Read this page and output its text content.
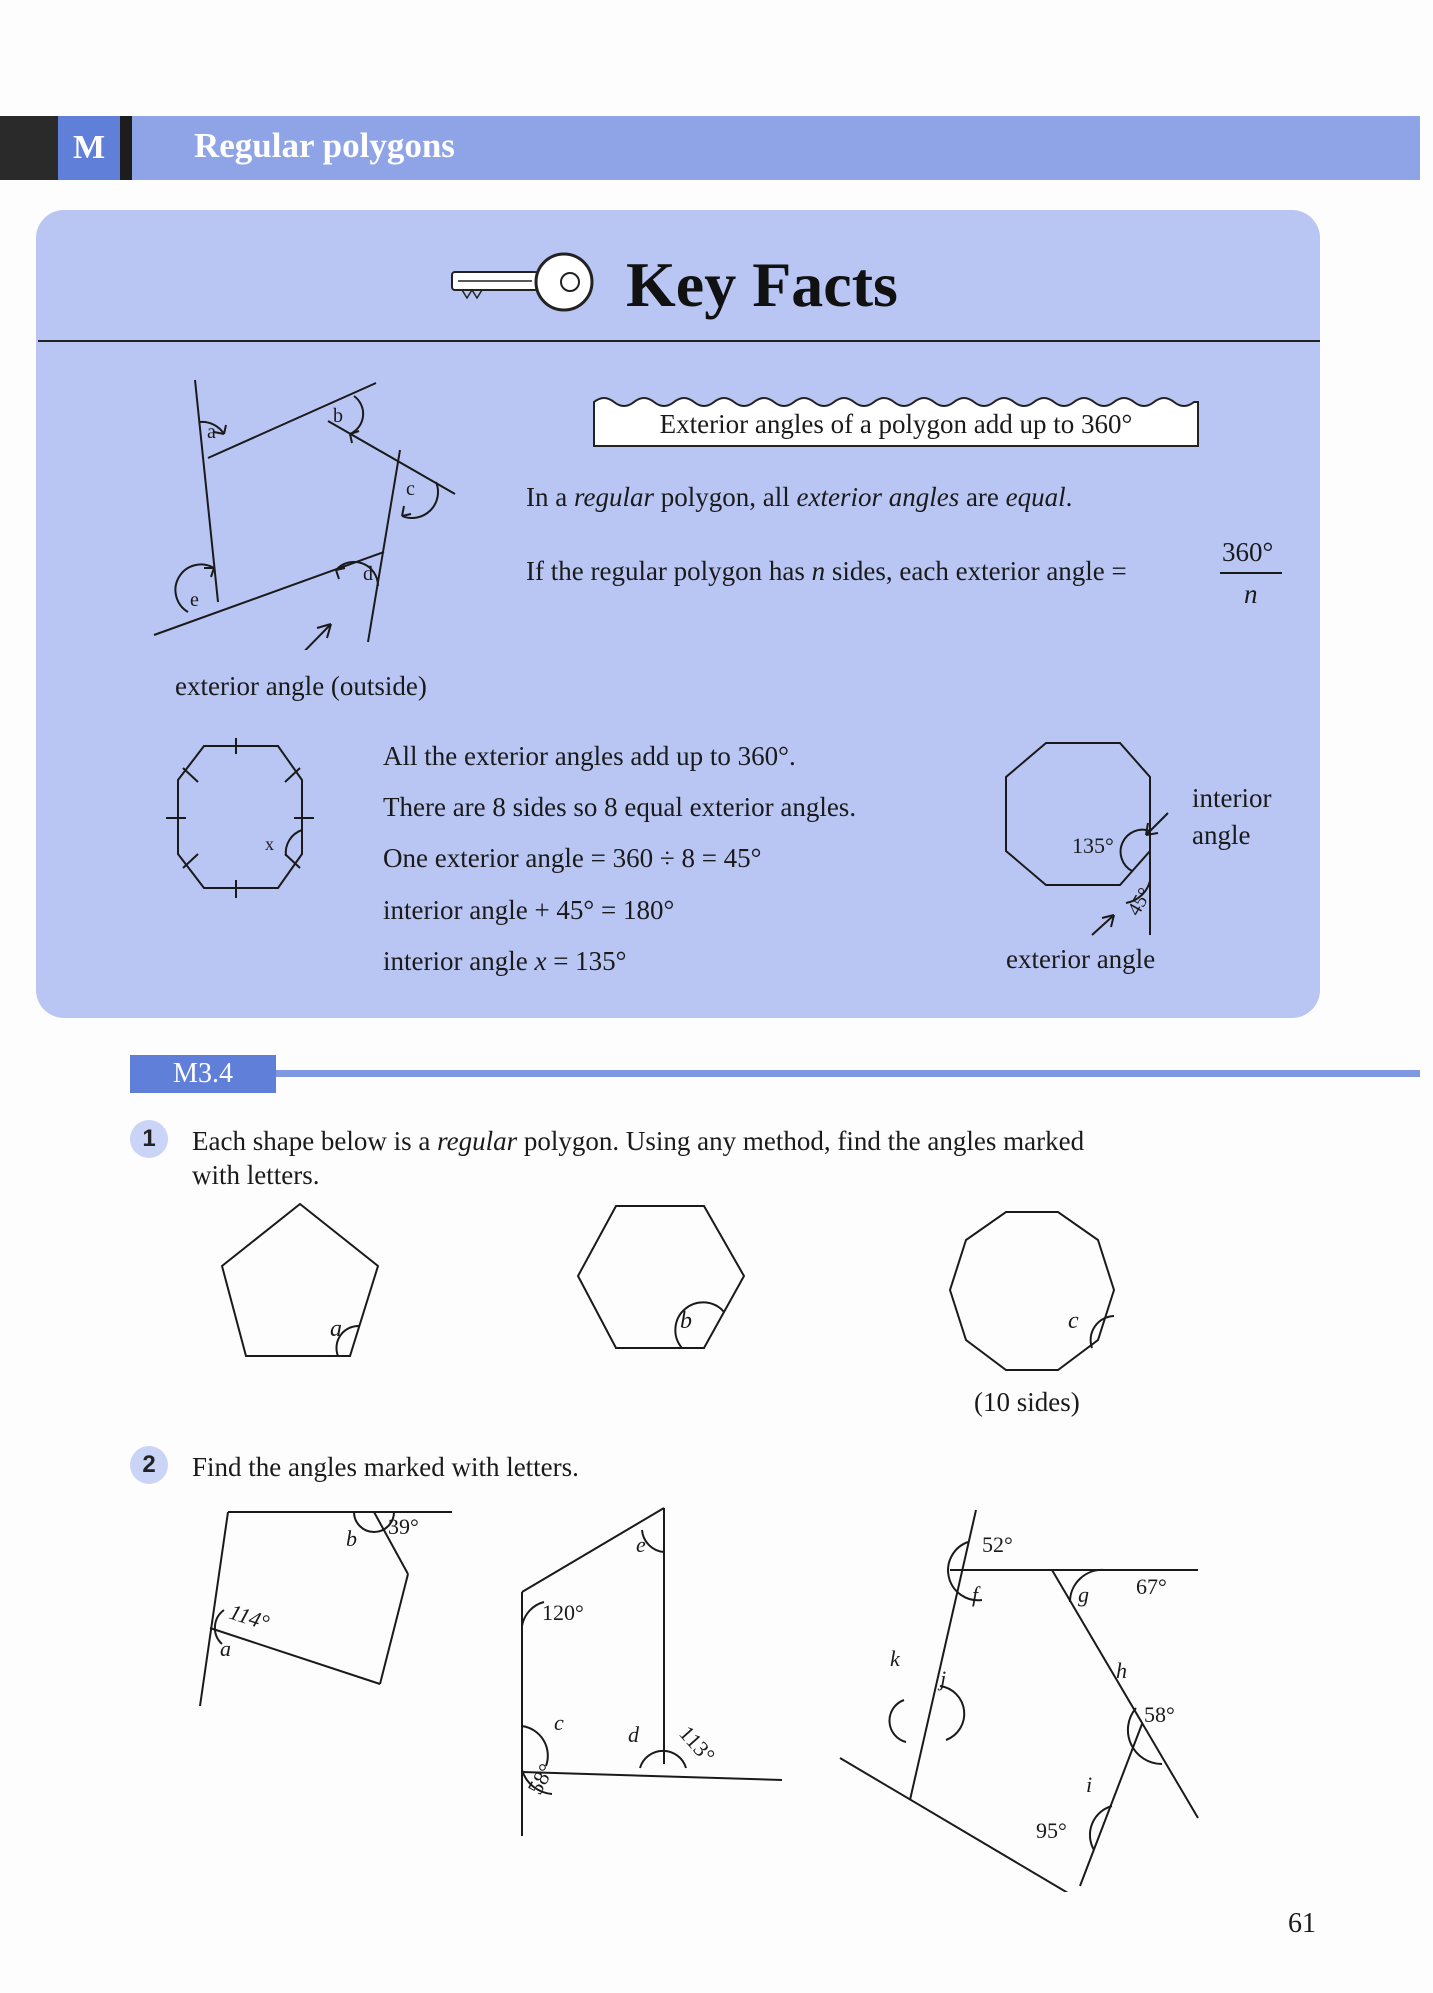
M	Regular polygons
Key Facts
a
b
c
d
e
exterior angle (outside)
Exterior angles of a polygon add up to 360°
In a regular polygon, all exterior angles are equal.
If the regular polygon has n sides, each exterior angle =
360°
n
x
All the exterior angles add up to 360°.
There are 8 sides so 8 equal exterior angles.
One exterior angle = 360 ÷ 8 = 45°
interior angle + 45° = 180°
interior angle x = 135°
135°
45°
interior
angle
exterior angle
M3.4
1	Each shape below is a regular polygon. Using any method, find the angles marked
with letters.
a	b	c
(10 sides)
2	Find the angles marked with letters.
b 39°
114°
a
e
120°
c
58°
d 113°
52°
f	g 67°
k
j	h
58°
i
95°
61
